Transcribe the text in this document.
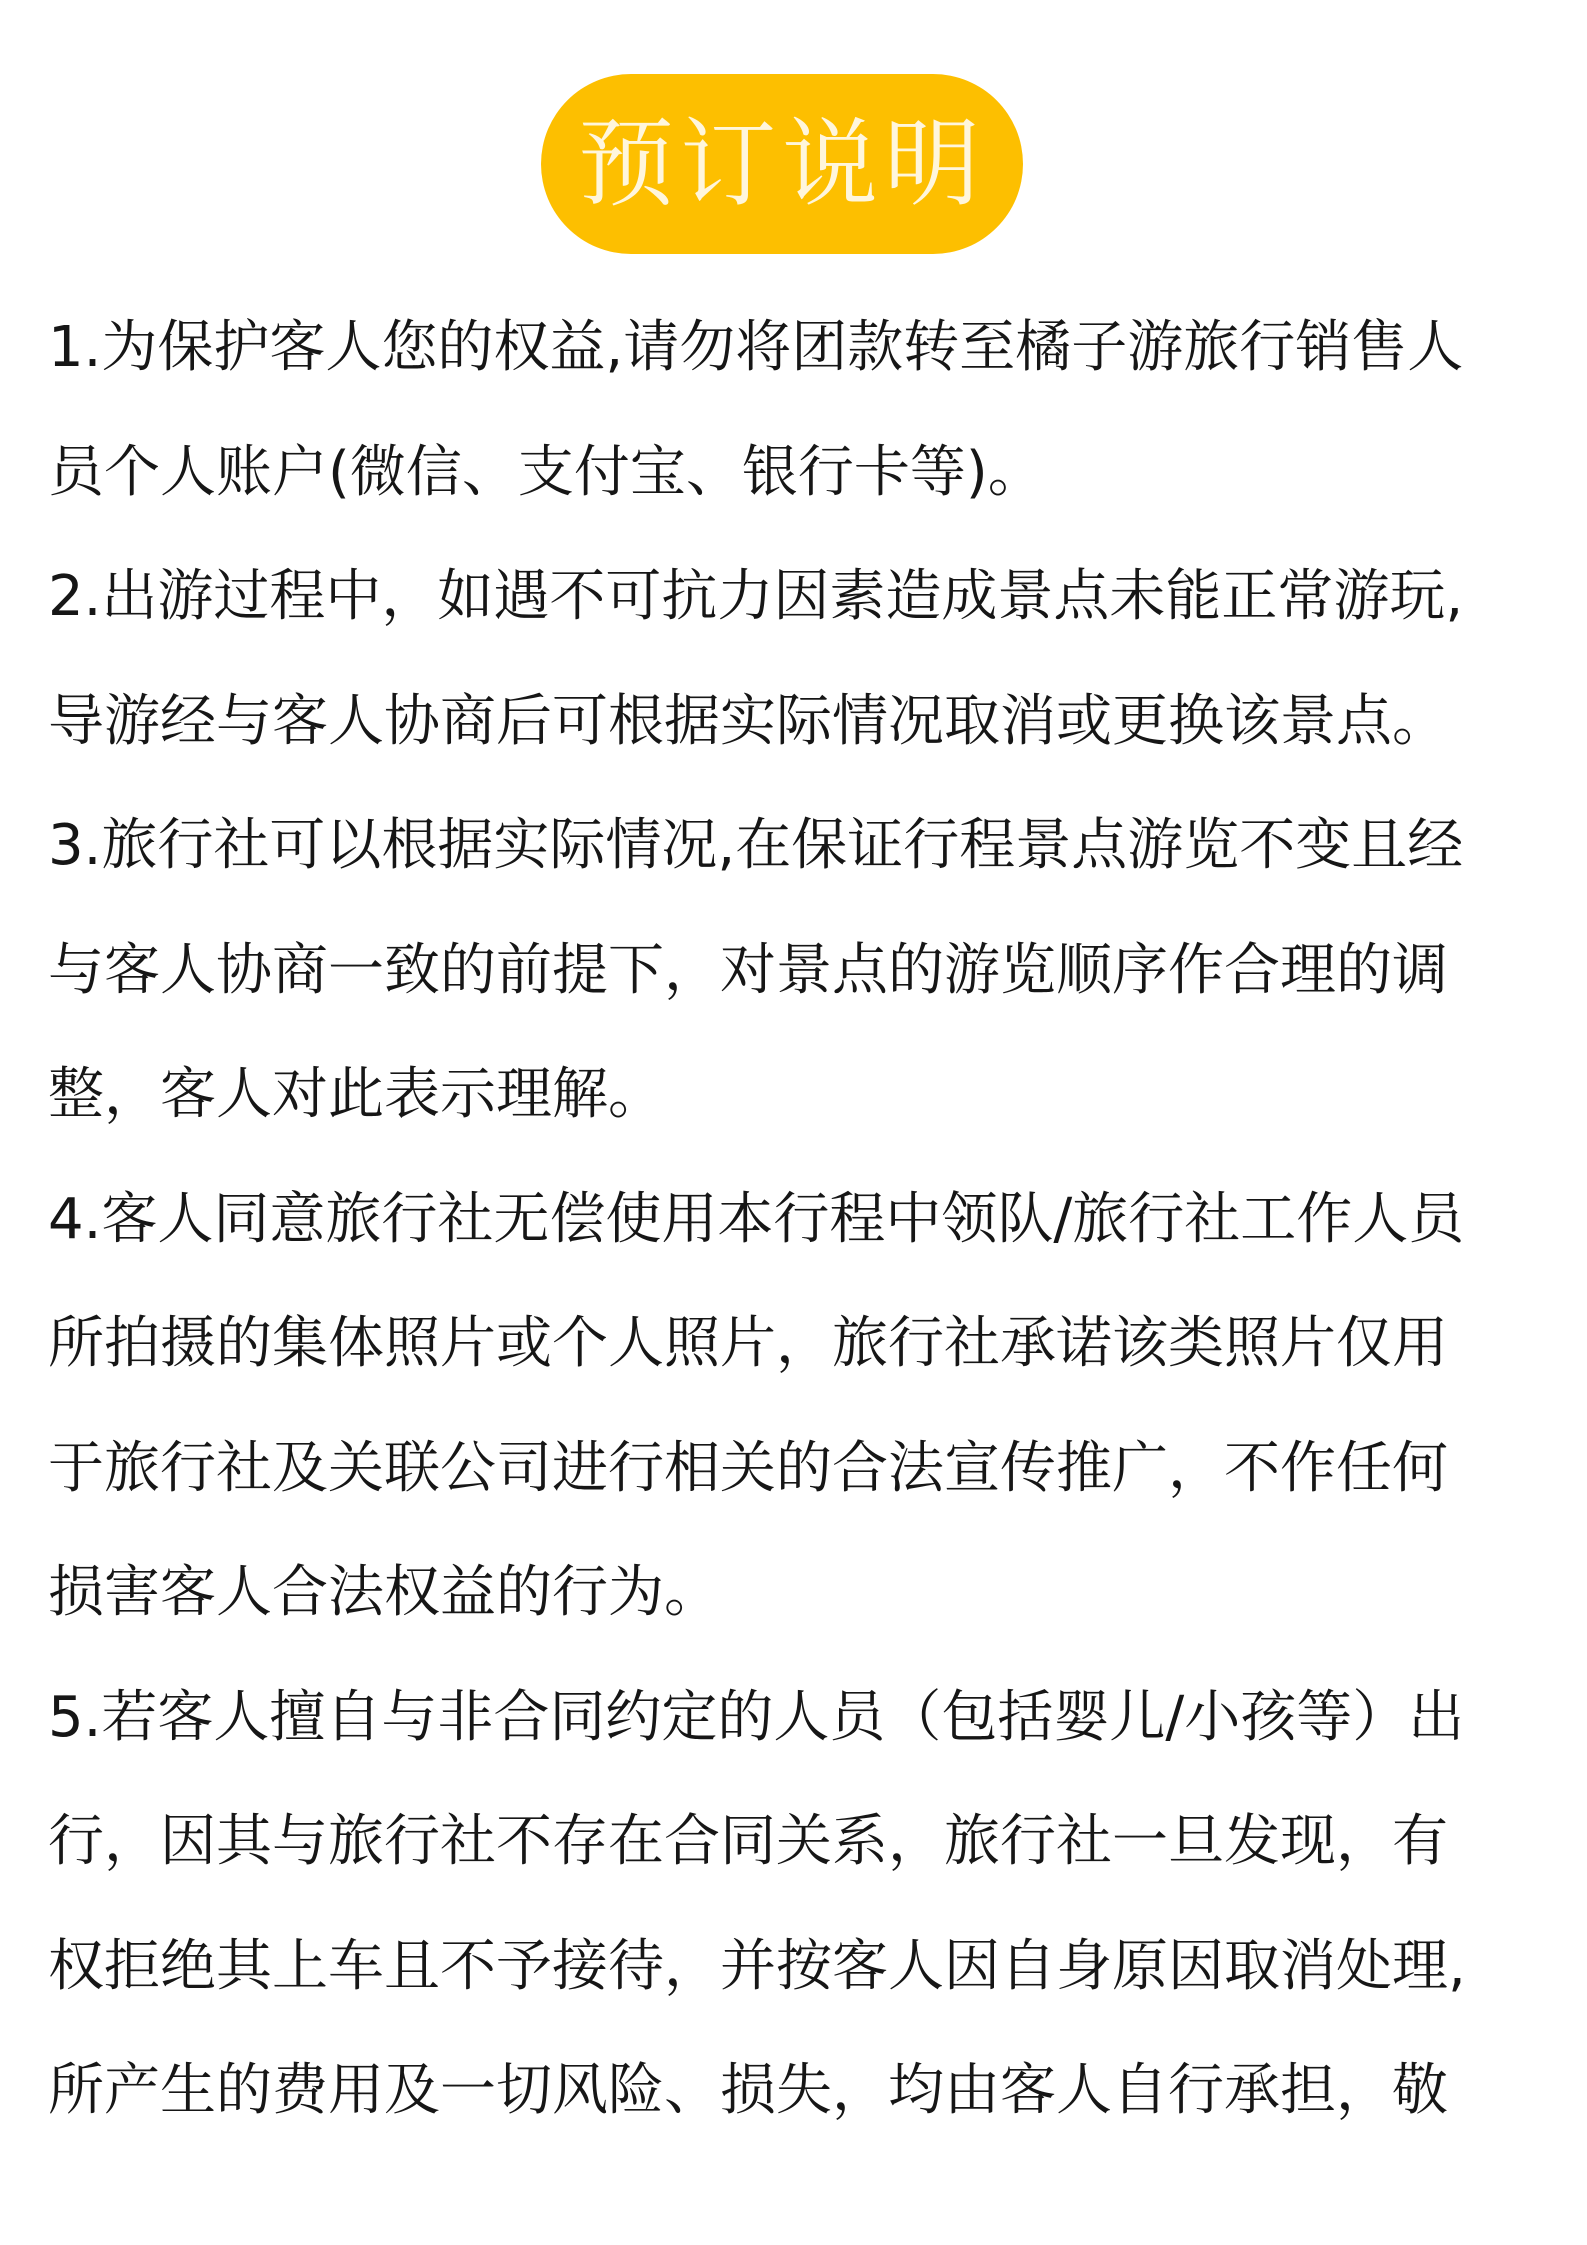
预订说明
1.为保护客人您的权益,请勿将团款转至橘子游旅行销售人
员个人账户(微信、支付宝、银行卡等)。
2.出游过程中，如遇不可抗力因素造成景点未能正常游玩,
导游经与客人协商后可根据实际情况取消或更换该景点。
3.旅行社可以根据实际情况,在保证行程景点游览不变且经
与客人协商一致的前提下，对景点的游览顺序作合理的调
整，客人对此表示理解。
4.客人同意旅行社无偿使用本行程中领队/旅行社工作人员
所拍摄的集体照片或个人照片，旅行社承诺该类照片仅用
于旅行社及关联公司进行相关的合法宣传推广，不作任何
损害客人合法权益的行为。
5.若客人擅自与非合同约定的人员（包括婴儿/小孩等）出
行，因其与旅行社不存在合同关系，旅行社一旦发现，有
权拒绝其上车且不予接待，并按客人因自身原因取消处理,
所产生的费用及一切风险、损失，均由客人自行承担，敬
